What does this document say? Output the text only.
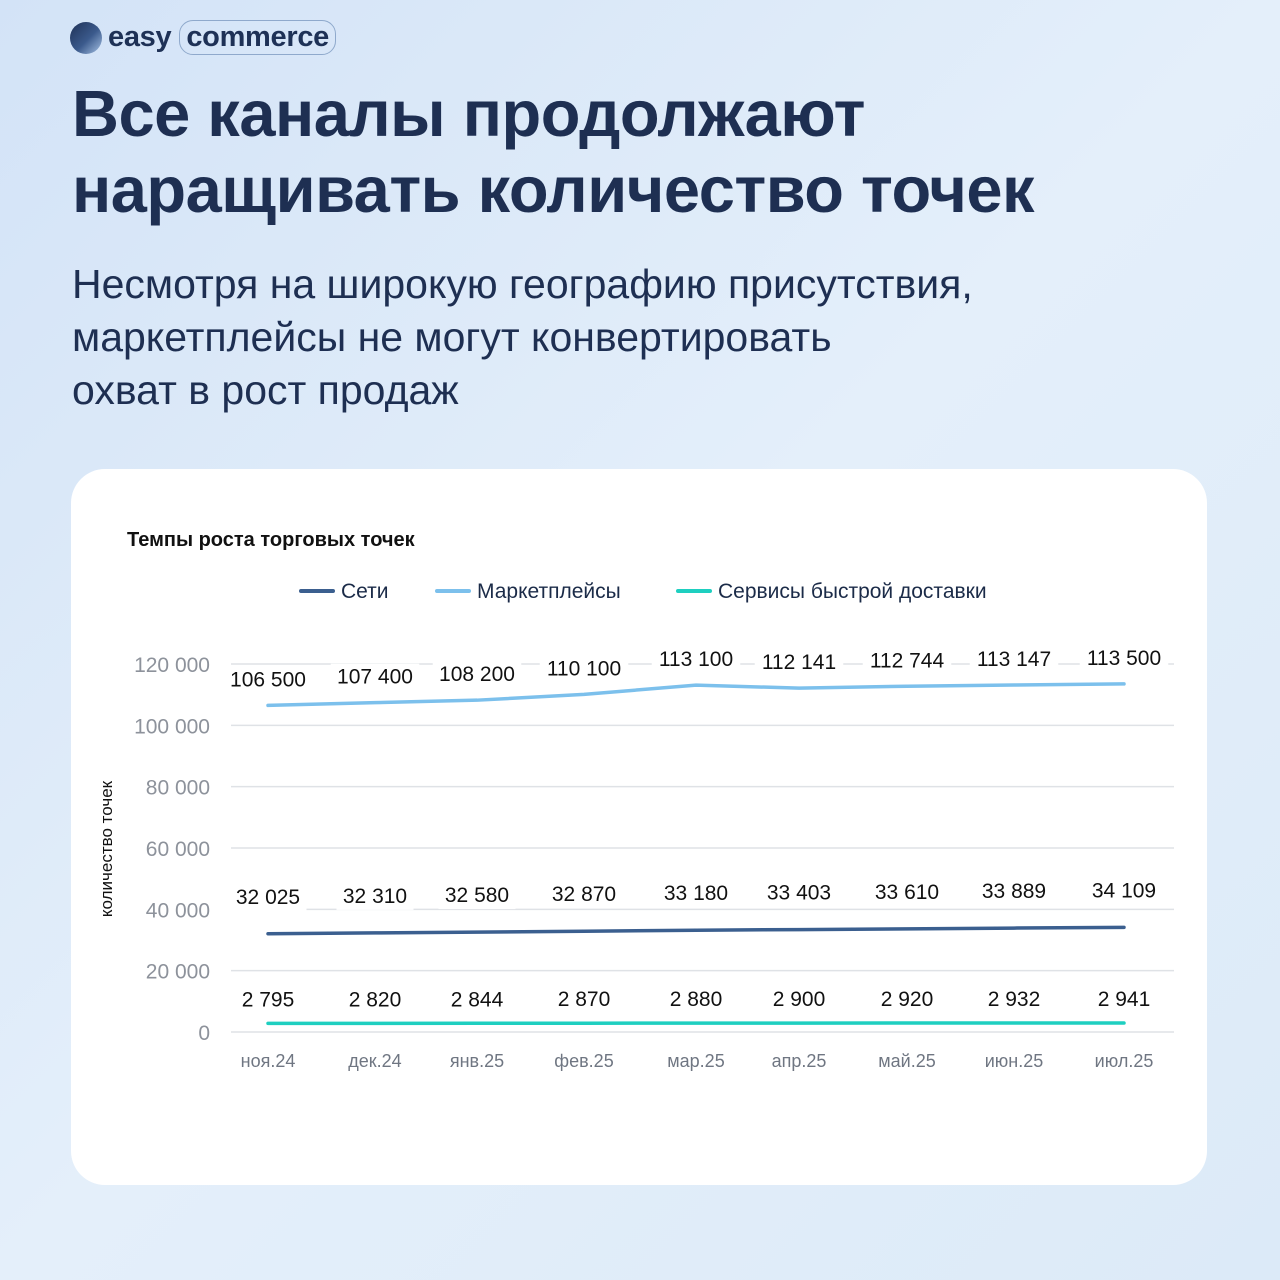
easy commerce
Все каналы продолжают наращивать количество точек

Несмотря на широкую географию присутствия,
маркетплейсы не могут конвертировать
охват в рост продаж

Темпы роста торговых точек
Сети	Маркетплейсы	Сервисы быстрой доставки
количество точек
0
20 000
40 000
60 000
80 000
100 000
120 000
ноя.24	дек.24	янв.25	фев.25	мар.25	апр.25	май.25	июн.25	июл.25
32 025 32 310 32 580 32 870 33 180 33 403 33 610 33 889 34 109
106 500 107 400 108 200 110 100 113 100 112 141 112 744 113 147 113 500
2 795	2 820 2 844	2 870	2 880 2 900	2 920	2 932	2 941
